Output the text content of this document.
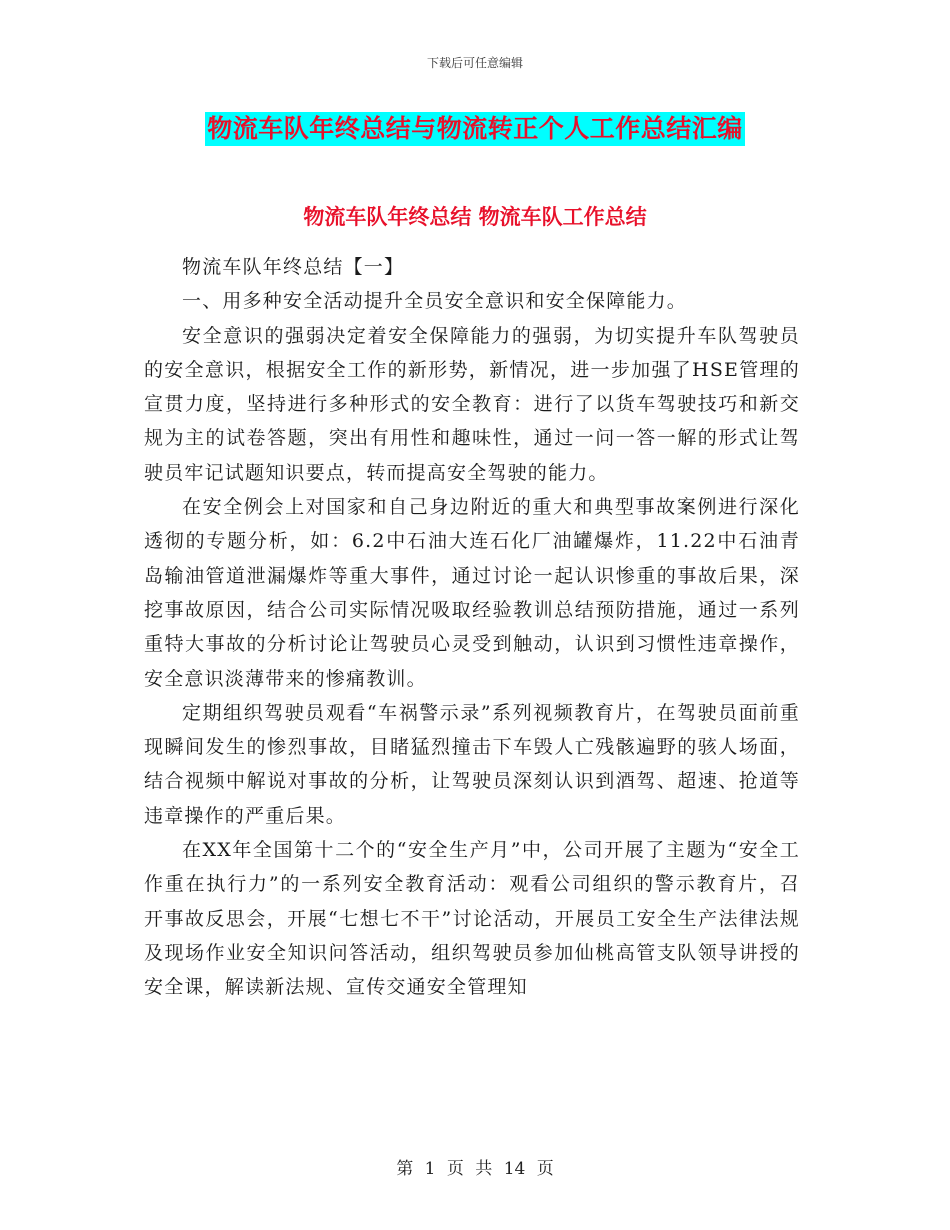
下载后可任意编辑
物流车队年终总结与物流转正个人工作总结汇编
物流车队年终总结 物流车队工作总结

物流车队年终总结【一】

一、用多种安全活动提升全员安全意识和安全保障能力。

安全意识的强弱决定着安全保障能力的强弱，为切实提升车队驾驶员的安全意识，根据安全工作的新形势，新情况，进一步加强了HSE管理的宣贯力度，坚持进行多种形式的安全教育：进行了以货车驾驶技巧和新交规为主的试卷答题，突出有用性和趣味性，通过一问一答一解的形式让驾驶员牢记试题知识要点，转而提高安全驾驶的能力。

在安全例会上对国家和自己身边附近的重大和典型事故案例进行深化透彻的专题分析，如：6.2中石油大连石化厂油罐爆炸，11.22中石油青岛输油管道泄漏爆炸等重大事件，通过讨论一起认识惨重的事故后果，深挖事故原因，结合公司实际情况吸取经验教训总结预防措施，通过一系列重特大事故的分析讨论让驾驶员心灵受到触动，认识到习惯性违章操作，安全意识淡薄带来的惨痛教训。

定期组织驾驶员观看“车祸警示录”系列视频教育片，在驾驶员面前重现瞬间发生的惨烈事故，目睹猛烈撞击下车毁人亡残骸遍野的骇人场面，结合视频中解说对事故的分析，让驾驶员深刻认识到酒驾、超速、抢道等违章操作的严重后果。

在XX年全国第十二个的“安全生产月”中，公司开展了主题为“安全工作重在执行力”的一系列安全教育活动：观看公司组织的警示教育片，召开事故反思会，开展“七想七不干”讨论活动，开展员工安全生产法律法规及现场作业安全知识问答活动，组织驾驶员参加仙桃高管支队领导讲授的安全课，解读新法规、宣传交通安全管理知

第 1 页 共 14 页
